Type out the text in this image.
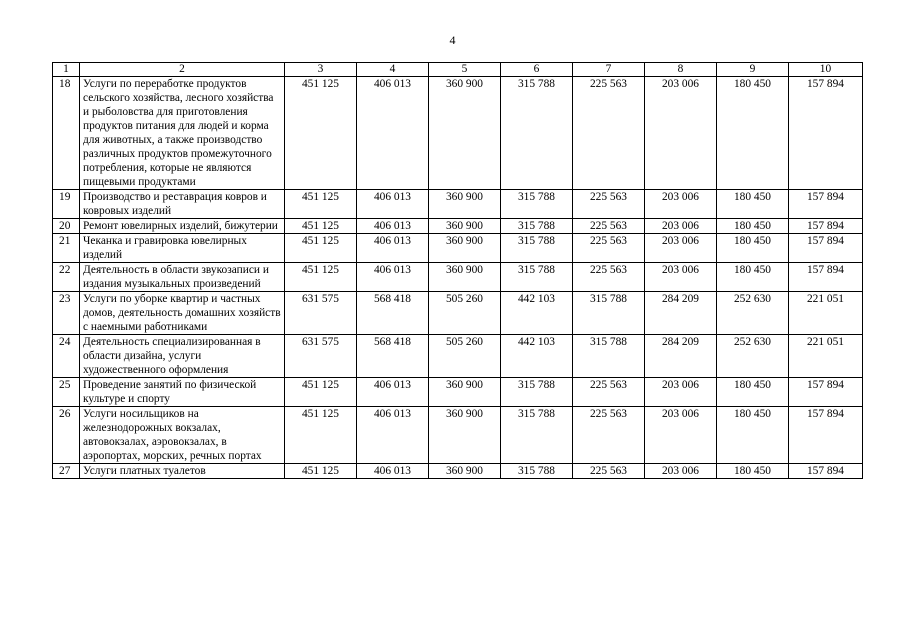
4
1	2	3	4	5	6	7	8	9	10
18	Услуги по переработке продуктов сельского хозяйства, лесного хозяйства и рыболовства для приготовления продуктов питания для людей и корма для животных, а также производство различных продуктов промежуточного потребления, которые не являются пищевыми продуктами	451 125	406 013	360 900	315 788	225 563	203 006	180 450	157 894
19	Производство и реставрация ковров и ковровых изделий	451 125	406 013	360 900	315 788	225 563	203 006	180 450	157 894
20	Ремонт ювелирных изделий, бижутерии	451 125	406 013	360 900	315 788	225 563	203 006	180 450	157 894
21	Чеканка и гравировка ювелирных изделий	451 125	406 013	360 900	315 788	225 563	203 006	180 450	157 894
22	Деятельность в области звукозаписи и издания музыкальных произведений	451 125	406 013	360 900	315 788	225 563	203 006	180 450	157 894
23	Услуги по уборке квартир и частных домов, деятельность домашних хозяйств с наемными работниками	631 575	568 418	505 260	442 103	315 788	284 209	252 630	221 051
24	Деятельность специализированная в области дизайна, услуги художественного оформления	631 575	568 418	505 260	442 103	315 788	284 209	252 630	221 051
25	Проведение занятий по физической культуре и спорту	451 125	406 013	360 900	315 788	225 563	203 006	180 450	157 894
26	Услуги носильщиков на железнодорожных вокзалах, автовокзалах, аэровокзалах, в аэропортах, морских, речных портах	451 125	406 013	360 900	315 788	225 563	203 006	180 450	157 894
27	Услуги платных туалетов	451 125	406 013	360 900	315 788	225 563	203 006	180 450	157 894
